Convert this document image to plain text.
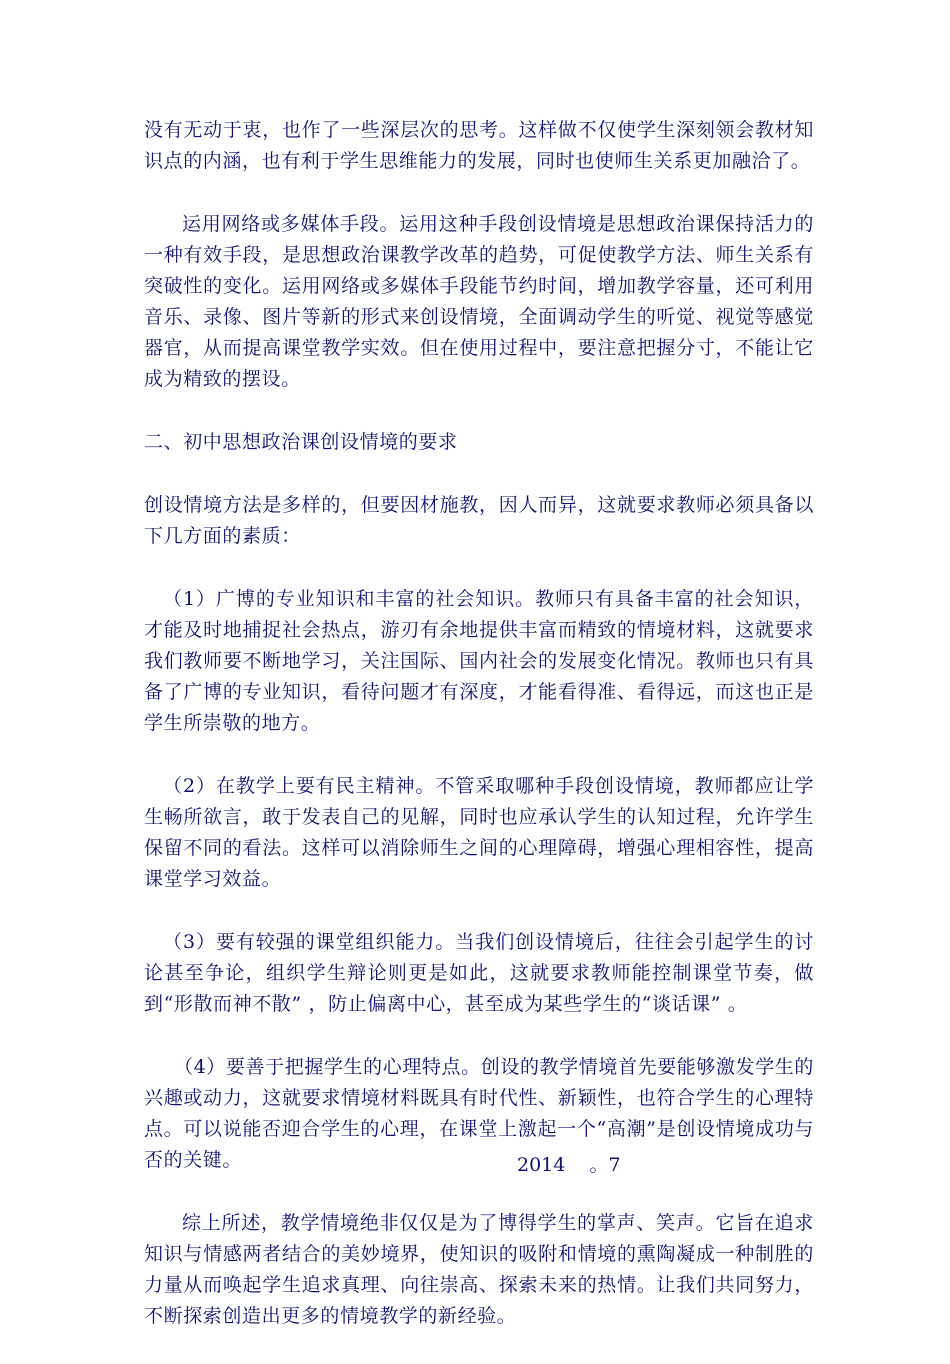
没有无动于衷，也作了一些深层次的思考。这样做不仅使学生深刻领会教材知识点的内涵，也有利于学生思维能力的发展，同时也使师生关系更加融洽了。

运用网络或多媒体手段。运用这种手段创设情境是思想政治课保持活力的一种有效手段，是思想政治课教学改革的趋势，可促使教学方法、师生关系有突破性的变化。运用网络或多媒体手段能节约时间，增加教学容量，还可利用音乐、录像、图片等新的形式来创设情境，全面调动学生的听觉、视觉等感觉器官，从而提高课堂教学实效。但在使用过程中，要注意把握分寸，不能让它成为精致的摆设。

二、初中思想政治课创设情境的要求

创设情境方法是多样的，但要因材施教，因人而异，这就要求教师必须具备以下几方面的素质：

（1）广博的专业知识和丰富的社会知识。教师只有具备丰富的社会知识，才能及时地捕捉社会热点，游刃有余地提供丰富而精致的情境材料，这就要求我们教师要不断地学习，关注国际、国内社会的发展变化情况。教师也只有具备了广博的专业知识，看待问题才有深度，才能看得准、看得远，而这也正是学生所崇敬的地方。

（2）在教学上要有民主精神。不管采取哪种手段创设情境，教师都应让学生畅所欲言，敢于发表自己的见解，同时也应承认学生的认知过程，允许学生保留不同的看法。这样可以消除师生之间的心理障碍，增强心理相容性，提高课堂学习效益。

（3）要有较强的课堂组织能力。当我们创设情境后，往往会引起学生的讨论甚至争论，组织学生辩论则更是如此，这就要求教师能控制课堂节奏，做到“形散而神不散” ，防止偏离中心，甚至成为某些学生的“谈话课” 。

（4）要善于把握学生的心理特点。创设的教学情境首先要能够激发学生的兴趣或动力，这就要求情境材料既具有时代性、新颖性，也符合学生的心理特点。可以说能否迎合学生的心理，在课堂上激起一个“高潮”是创设情境成功与否的关键。

综上所述，教学情境绝非仅仅是为了博得学生的掌声、笑声。它旨在追求知识与情感两者结合的美妙境界，使知识的吸附和情境的熏陶凝成一种制胜的力量从而唤起学生追求真理、向往崇高、探索未来的热情。让我们共同努力，不断探索创造出更多的情境教学的新经验。

2014    。7
